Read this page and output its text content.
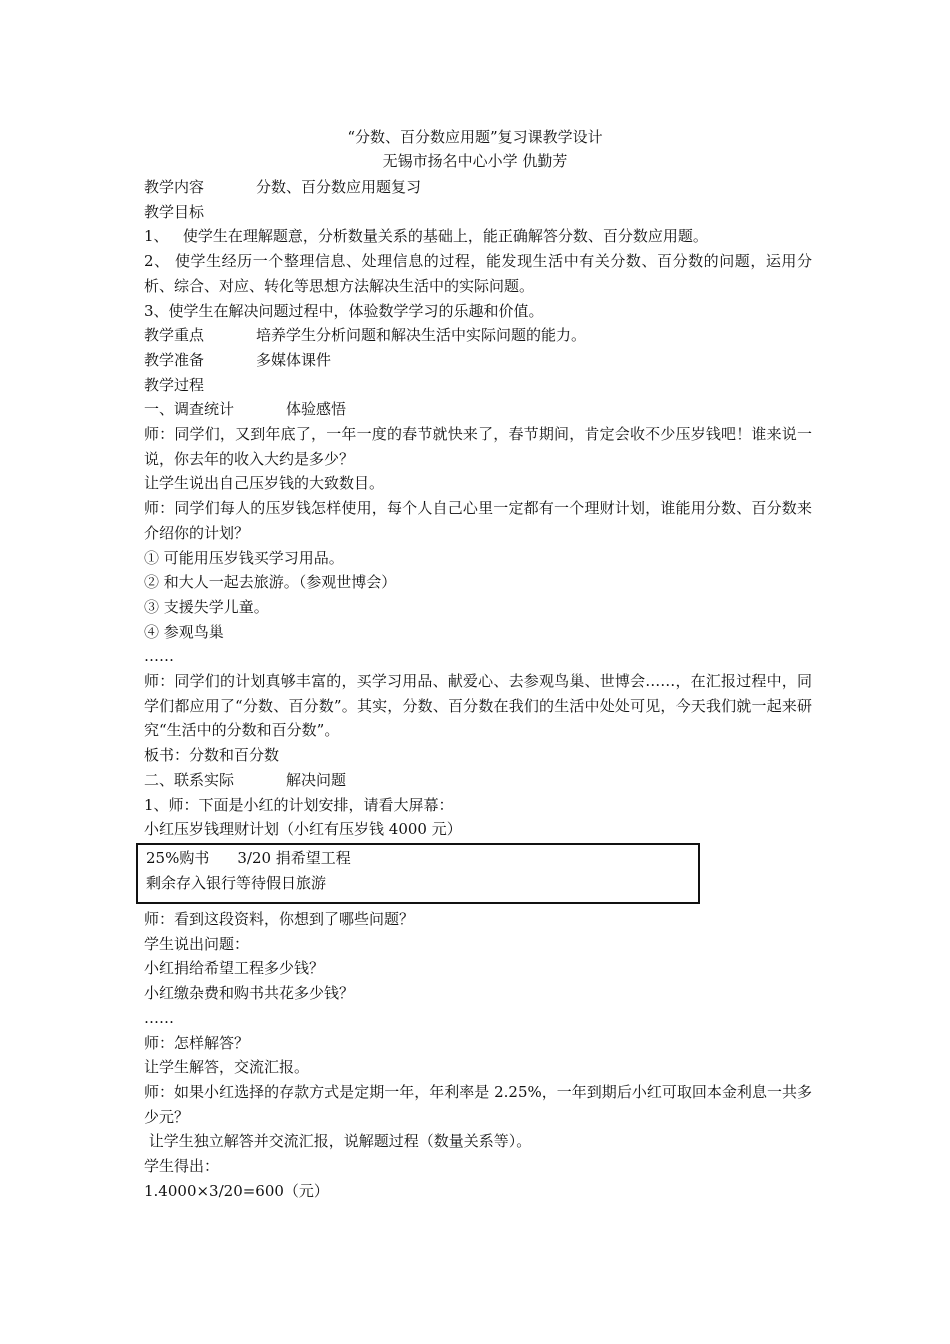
“分数、百分数应用题”复习课教学设计
无锡市扬名中心小学 仇勤芳

教学内容	分数、百分数应用题复习

教学目标

1、   使学生在理解题意，分析数量关系的基础上，能正确解答分数、百分数应用题。

2、 使学生经历一个整理信息、处理信息的过程，能发现生活中有关分数、百分数的问题，运用分析、综合、对应、转化等思想方法解决生活中的实际问题。

3、使学生在解决问题过程中，体验数学学习的乐趣和价值。

教学重点	培养学生分析问题和解决生活中实际问题的能力。

教学准备	多媒体课件

教学过程

一、调查统计	体验感悟

师：同学们，又到年底了，一年一度的春节就快来了，春节期间，肯定会收不少压岁钱吧！谁来说一说，你去年的收入大约是多少？

让学生说出自己压岁钱的大致数目。

师：同学们每人的压岁钱怎样使用，每个人自己心里一定都有一个理财计划，谁能用分数、百分数来介绍你的计划？

① 可能用压岁钱买学习用品。

② 和大人一起去旅游。（参观世博会）

③ 支援失学儿童。

④ 参观鸟巢

……

师：同学们的计划真够丰富的，买学习用品、献爱心、去参观鸟巢、世博会……，在汇报过程中，同学们都应用了“分数、百分数”。其实，分数、百分数在我们的生活中处处可见，今天我们就一起来研究“生活中的分数和百分数”。

板书：分数和百分数

二、联系实际	解决问题

1、师：下面是小红的计划安排，请看大屏幕：

小红压岁钱理财计划（小红有压岁钱 4000 元）

25%购书 3/20 捐希望工程

剩余存入银行等待假日旅游

师：看到这段资料，你想到了哪些问题？

学生说出问题：

小红捐给希望工程多少钱？

小红缴杂费和购书共花多少钱？

……

师：怎样解答？

让学生解答，交流汇报。

师：如果小红选择的存款方式是定期一年，年利率是 2.25%，一年到期后小红可取回本金利息一共多少元？

让学生独立解答并交流汇报，说解题过程（数量关系等）。

学生得出：

1.4000×3/20=600（元）
